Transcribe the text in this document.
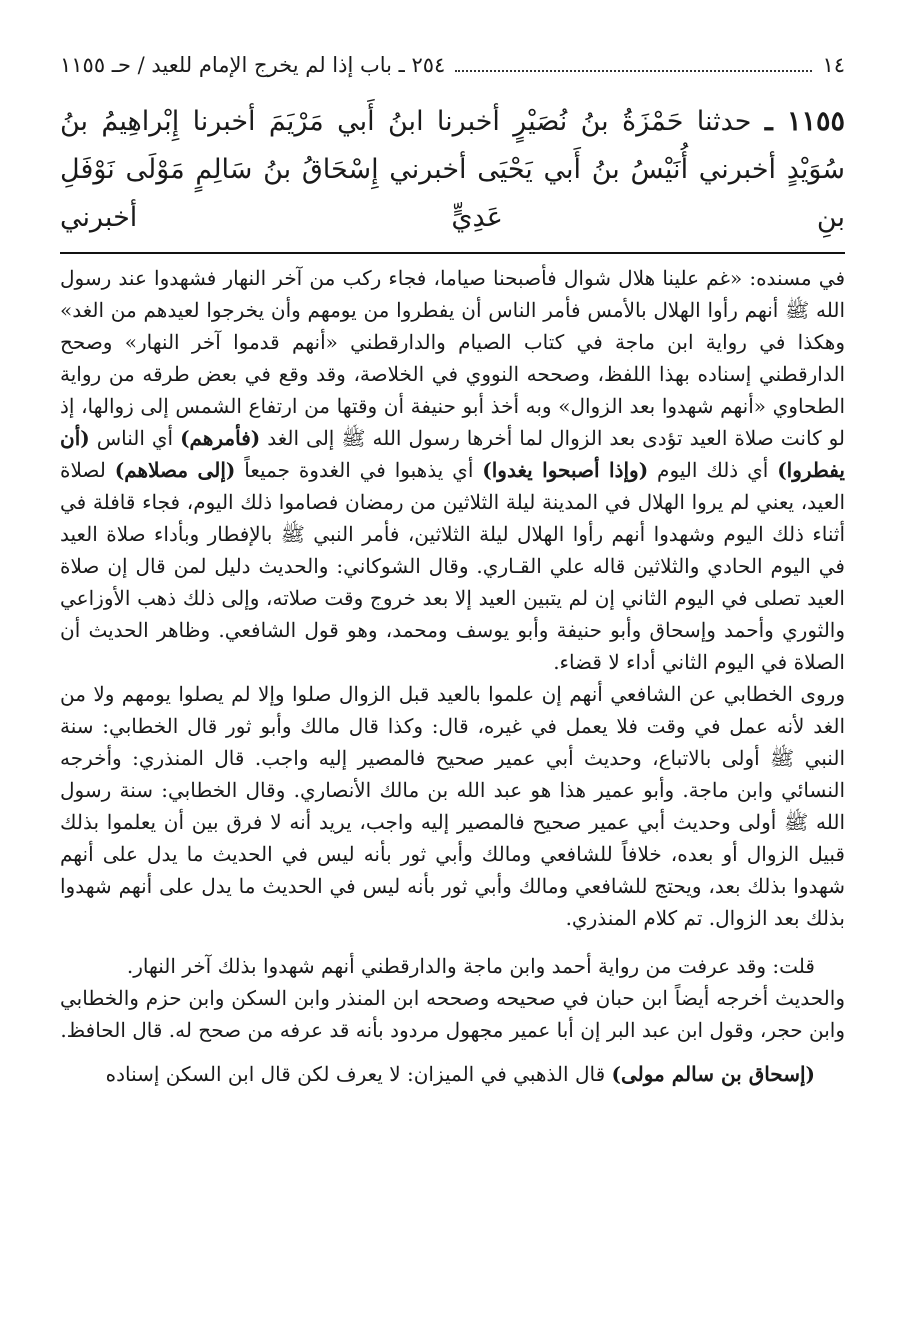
١٤
٢٥٤ ـ باب إذا لم يخرج الإمام للعيد / حـ ١١٥٥
١١٥٥ ـ حدثنا حَمْزَةُ بنُ نُصَيْرٍ أخبرنا ابنُ أَبي مَرْيَمَ أخبرنا إِبْراهِيمُ بنُ سُوَيْدٍ أخبرني أُنَيْسُ بنُ أَبي يَحْيَى أخبرني إِسْحَاقُ بنُ سَالِمٍ مَوْلَى نَوْفَلِ بنِ عَدِيٍّ أخبرني

في مسنده: «غم علينا هلال شوال فأصبحنا صياما، فجاء ركب من آخر النهار فشهدوا عند رسول الله ﷺ أنهم رأوا الهلال بالأمس فأمر الناس أن يفطروا من يومهم وأن يخرجوا لعيدهم من الغد» وهكذا في رواية ابن ماجة في كتاب الصيام والدارقطني «أنهم قدموا آخر النهار» وصحح الدارقطني إسناده بهذا اللفظ، وصححه النووي في الخلاصة، وقد وقع في بعض طرقه من رواية الطحاوي «أنهم شهدوا بعد الزوال» وبه أخذ أبو حنيفة أن وقتها من ارتفاع الشمس إلى زوالها، إذ لو كانت صلاة العيد تؤدى بعد الزوال لما أخرها رسول الله ﷺ إلى الغد (فأمرهم) أي الناس (أن يفطروا) أي ذلك اليوم (وإذا أصبحوا يغدوا) أي يذهبوا في الغدوة جميعاً (إلى مصلاهم) لصلاة العيد، يعني لم يروا الهلال في المدينة ليلة الثلاثين من رمضان فصاموا ذلك اليوم، فجاء قافلة في أثناء ذلك اليوم وشهدوا أنهم رأوا الهلال ليلة الثلاثين، فأمر النبي ﷺ بالإفطار وبأداء صلاة العيد في اليوم الحادي والثلاثين قاله علي القـاري. وقال الشوكاني: والحديث دليل لمن قال إن صلاة العيد تصلى في اليوم الثاني إن لم يتبين العيد إلا بعد خروج وقت صلاته، وإلى ذلك ذهب الأوزاعي والثوري وأحمد وإسحاق وأبو حنيفة وأبو يوسف ومحمد، وهو قول الشافعي. وظاهر الحديث أن الصلاة في اليوم الثاني أداء لا قضاء.

وروى الخطابي عن الشافعي أنهم إن علموا بالعيد قبل الزوال صلوا وإلا لم يصلوا يومهم ولا من الغد لأنه عمل في وقت فلا يعمل في غيره، قال: وكذا قال مالك وأبو ثور قال الخطابي: سنة النبي ﷺ أولى بالاتباع، وحديث أبي عمير صحيح فالمصير إليه واجب. قال المنذري: وأخرجه النسائي وابن ماجة. وأبو عمير هذا هو عبد الله بن مالك الأنصاري. وقال الخطابي: سنة رسول الله ﷺ أولى وحديث أبي عمير صحيح فالمصير إليه واجب، يريد أنه لا فرق بين أن يعلموا بذلك قبيل الزوال أو بعده، خلافاً للشافعي ومالك وأبي ثور بأنه ليس في الحديث ما يدل على أنهم شهدوا بذلك بعد، ويحتج للشافعي ومالك وأبي ثور بأنه ليس في الحديث ما يدل على أنهم شهدوا بذلك بعد الزوال. تم كلام المنذري.

قلت: وقد عرفت من رواية أحمد وابن ماجة والدارقطني أنهم شهدوا بذلك آخر النهار.

والحديث أخرجه أيضاً ابن حبان في صحيحه وصححه ابن المنذر وابن السكن وابن حزم والخطابي وابن حجر، وقول ابن عبد البر إن أبا عمير مجهول مردود بأنه قد عرفه من صحح له. قال الحافظ.

(إسحاق بن سالم مولى) قال الذهبي في الميزان: لا يعرف لكن قال ابن السكن إسناده
